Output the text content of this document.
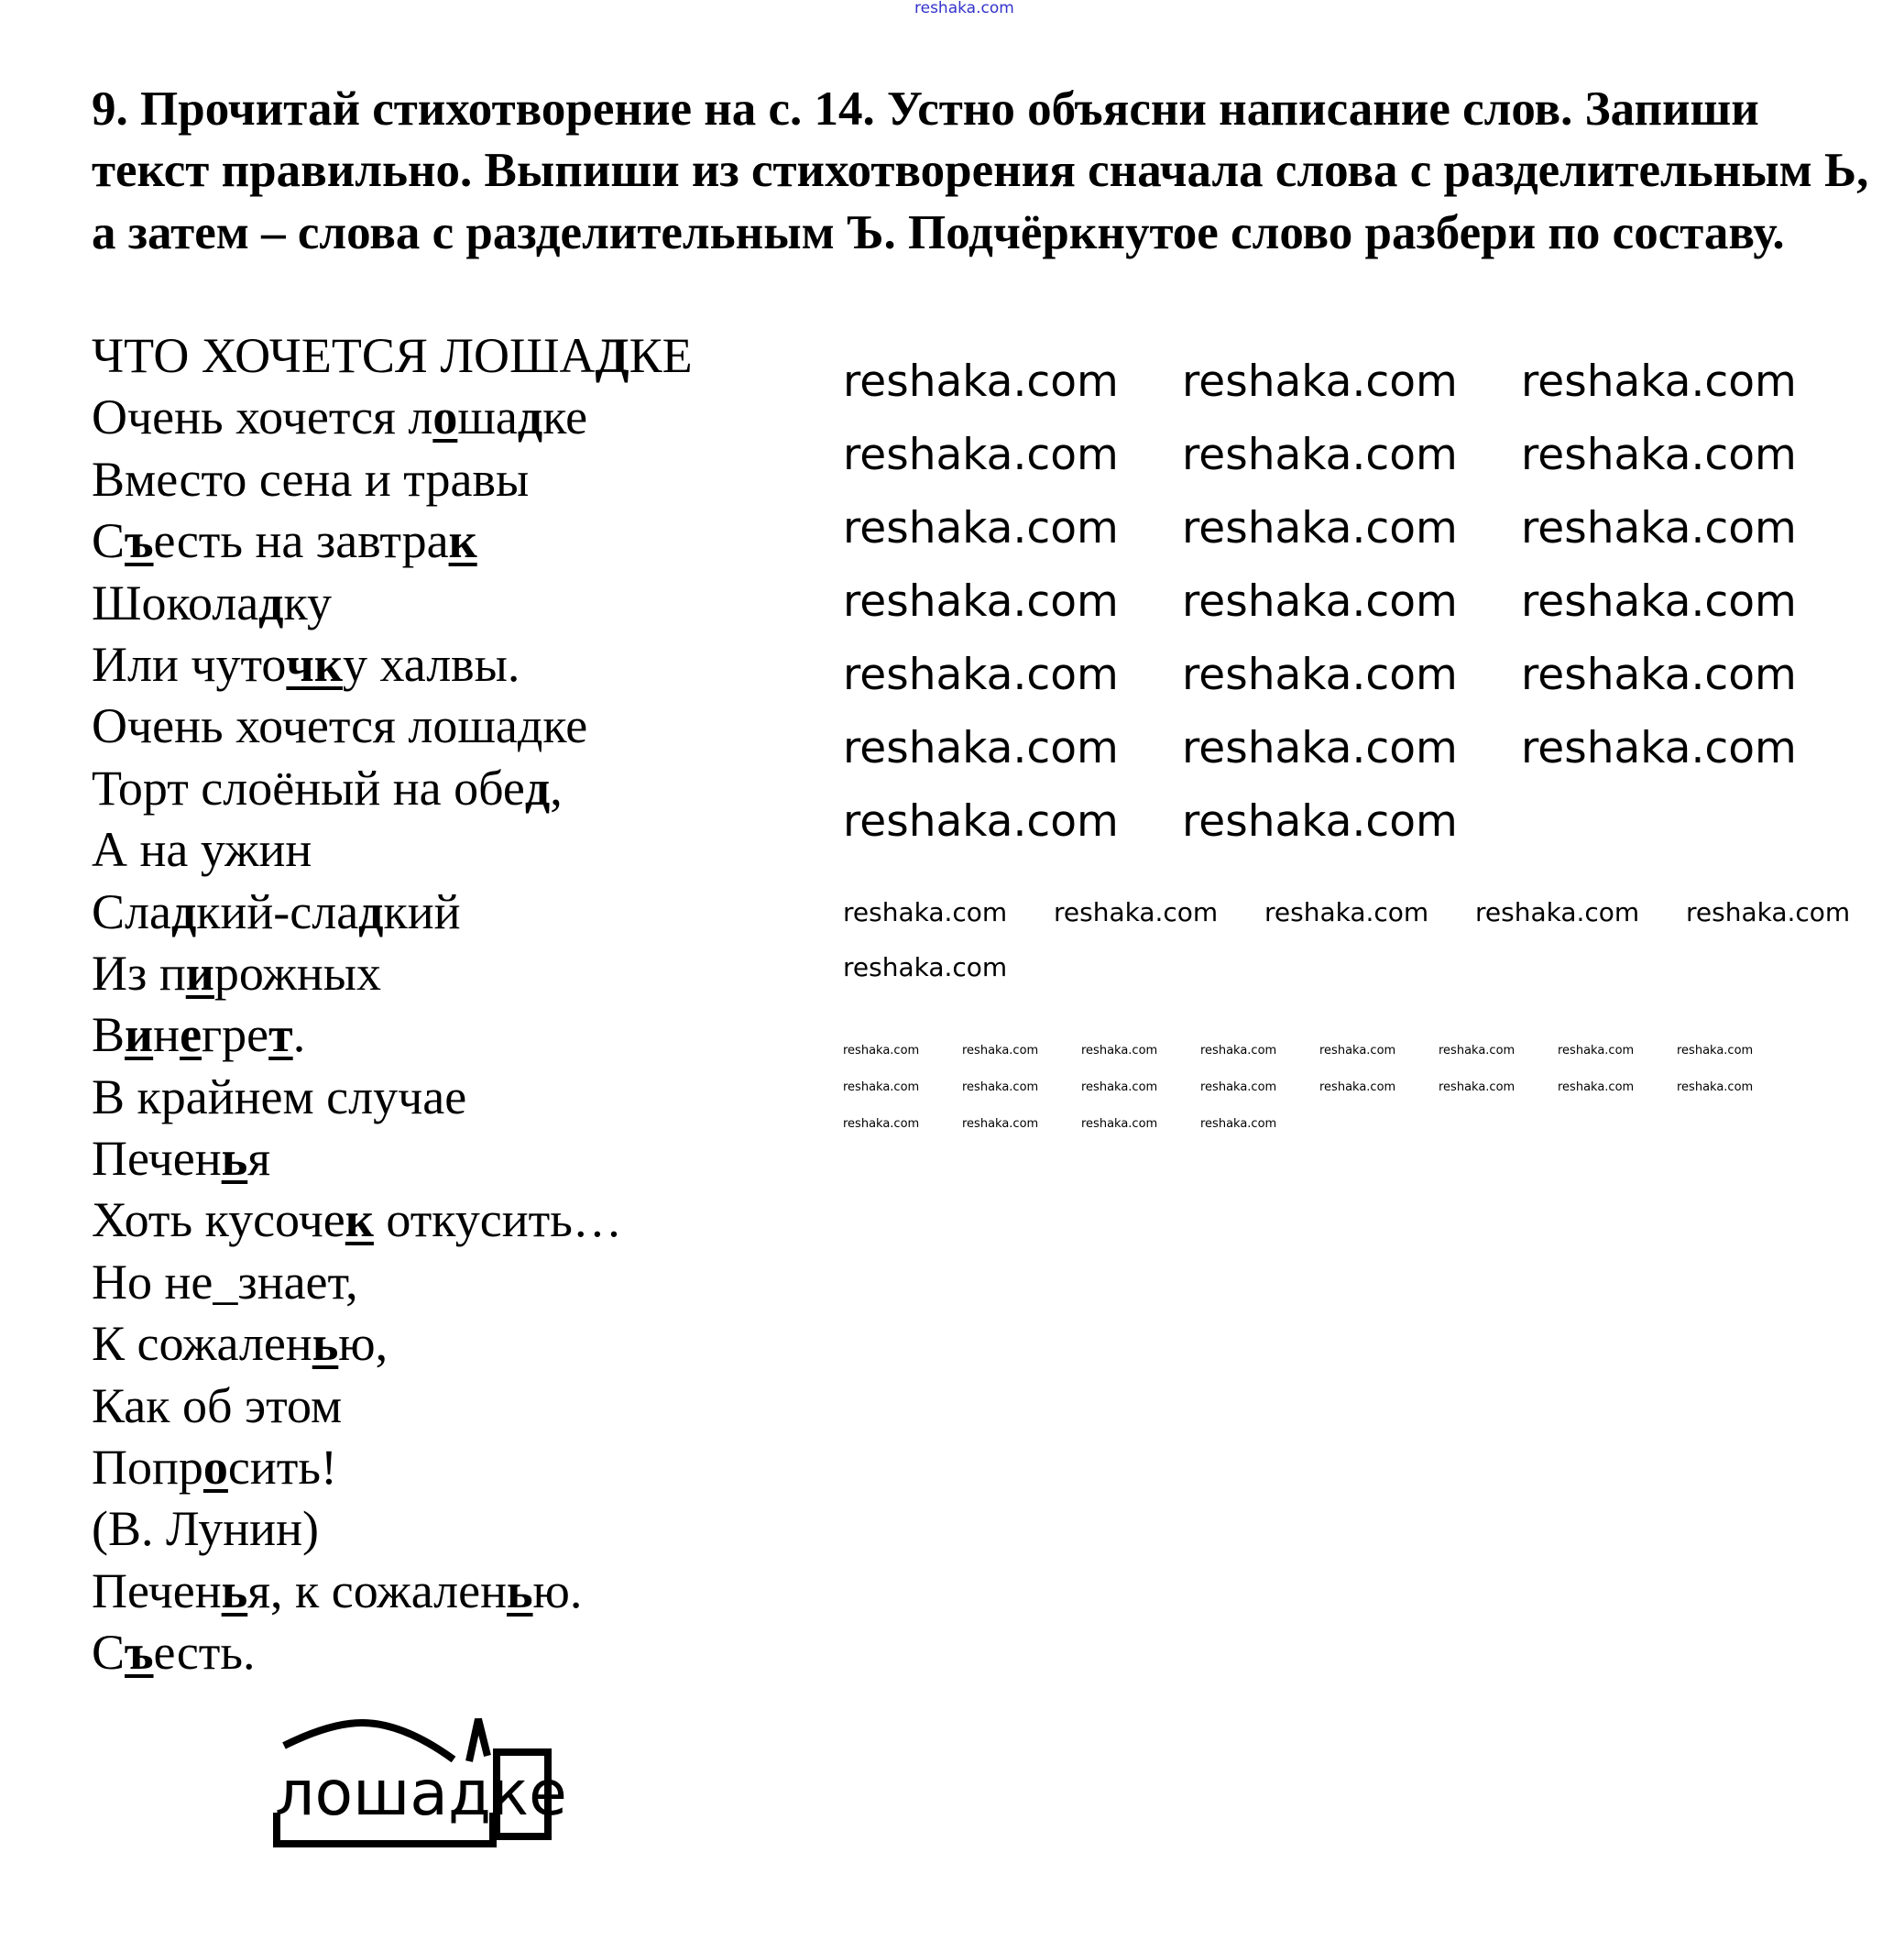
reshaka.com

9. Прочитай стихотворение на с. 14. Устно объясни написание слов. Запиши текст правильно. Выпиши из стихотворения сначала слова с разделительным Ь, а затем – слова с разделительным Ъ. Подчёркнутое слово разбери по составу.

ЧТО ХОЧЕТСЯ ЛОШАДКЕ
Очень хочется лошадке
Вместо сена и травы
Съесть на завтрак
Шоколадку
Или чуточку халвы.
Очень хочется лошадке
Торт слоёный на обед,
А на ужин
Сладкий-сладкий
Из пирожных
Винегрет.
В крайнем случае
Печенья
Хоть кусочек откусить…
Но не_знает,
К сожаленью,
Как об этом
Попросить!
(В. Лунин)
Печенья, к сожаленью.
Съесть.
лошадке
reshaka.com reshaka.com reshaka.com
reshaka.com reshaka.com reshaka.com
reshaka.com reshaka.com reshaka.com
reshaka.com reshaka.com reshaka.com
reshaka.com reshaka.com reshaka.com
reshaka.com reshaka.com reshaka.com
reshaka.com reshaka.com
reshaka.com reshaka.com reshaka.com reshaka.com reshaka.com
reshaka.com
reshaka.com	reshaka.com	reshaka.com	reshaka.com	reshaka.com	reshaka.com	reshaka.com	reshaka.com
reshaka.com	reshaka.com	reshaka.com	reshaka.com	reshaka.com	reshaka.com	reshaka.com	reshaka.com
reshaka.com	reshaka.com	reshaka.com	reshaka.com
